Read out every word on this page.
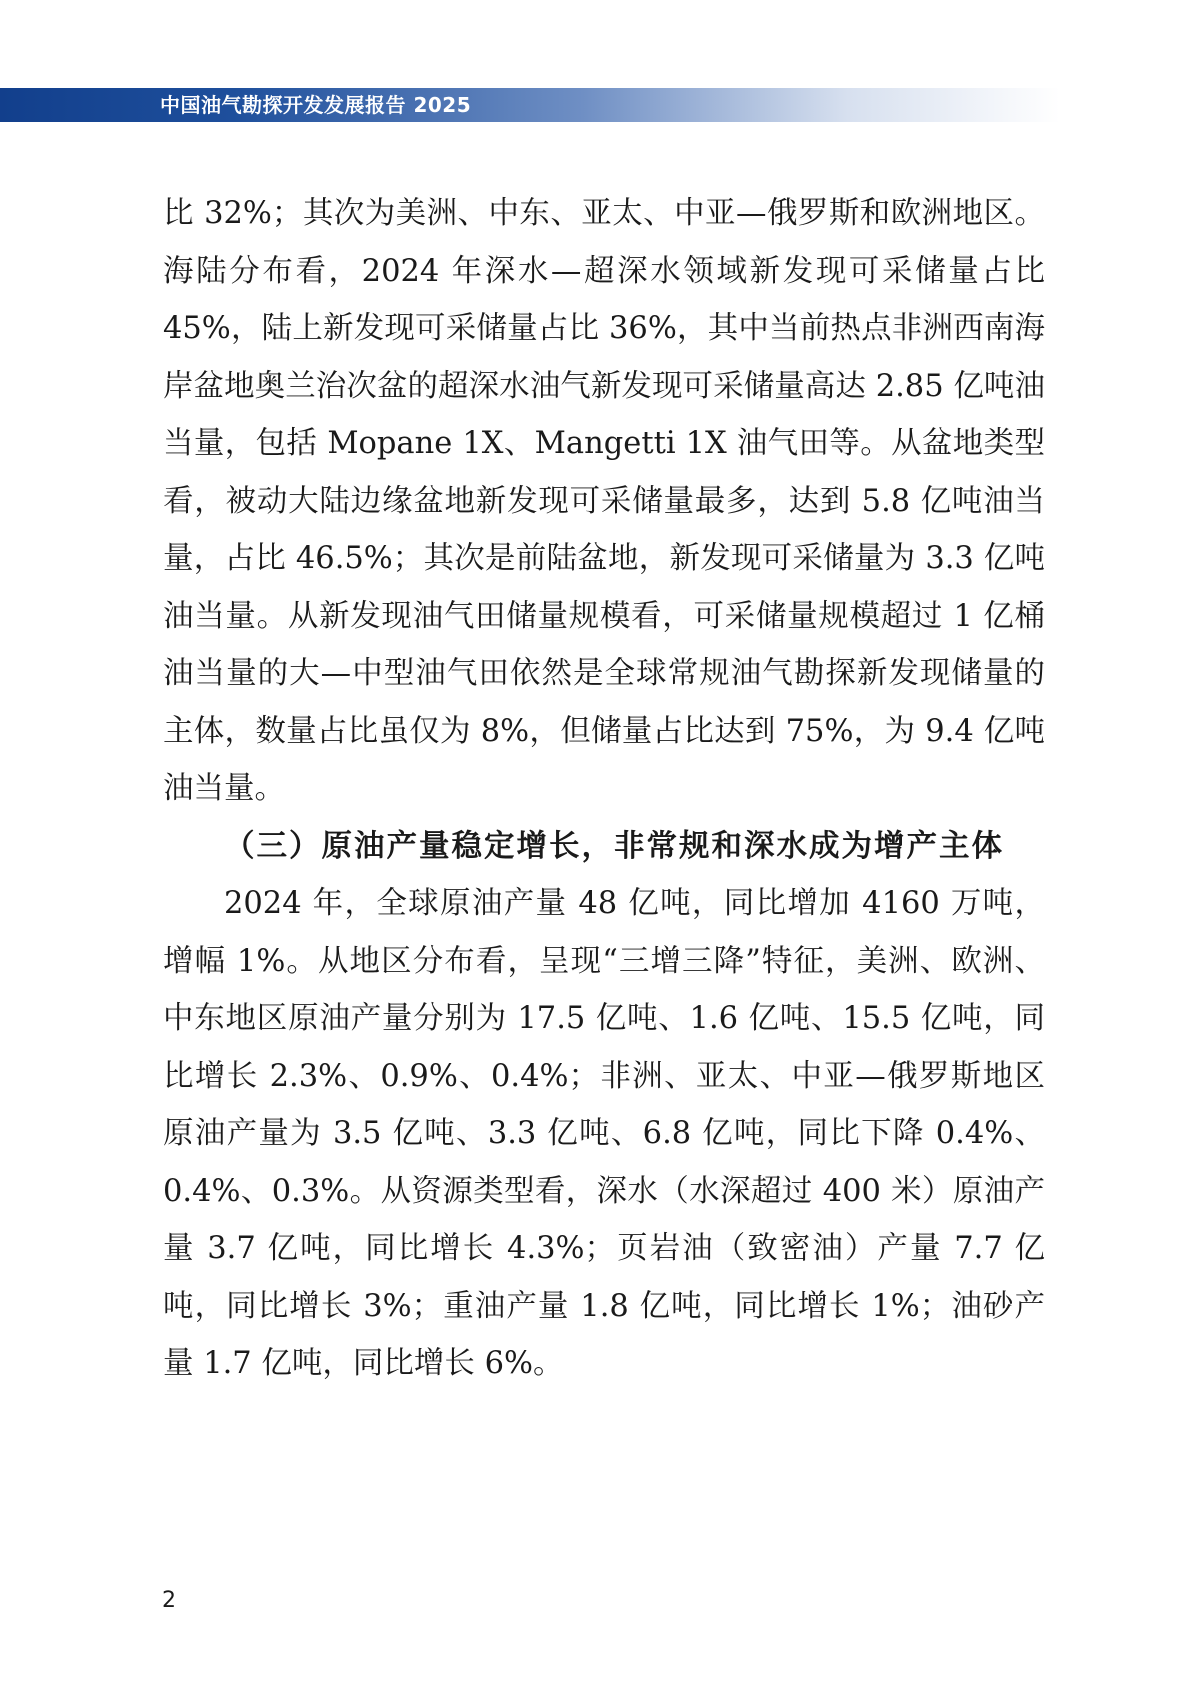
中国油气勘探开发发展报告 2025

比 32%；其次为美洲、中东、亚太、中亚—俄罗斯和欧洲地区。海陆分布看，2024 年深水—超深水领域新发现可采储量占比 45%，陆上新发现可采储量占比 36%，其中当前热点非洲西南海岸盆地奥兰治次盆的超深水油气新发现可采储量高达 2.85 亿吨油当量，包括 Mopane 1X、Mangetti 1X 油气田等。从盆地类型看，被动大陆边缘盆地新发现可采储量最多，达到 5.8 亿吨油当量，占比 46.5%；其次是前陆盆地，新发现可采储量为 3.3 亿吨油当量。从新发现油气田储量规模看，可采储量规模超过 1 亿桶油当量的大—中型油气田依然是全球常规油气勘探新发现储量的主体，数量占比虽仅为 8%，但储量占比达到 75%，为 9.4 亿吨油当量。

（三）原油产量稳定增长，非常规和深水成为增产主体

2024 年，全球原油产量 48 亿吨，同比增加 4160 万吨，增幅 1%。从地区分布看，呈现“三增三降”特征，美洲、欧洲、中东地区原油产量分别为 17.5 亿吨、1.6 亿吨、15.5 亿吨，同比增长 2.3%、0.9%、0.4%；非洲、亚太、中亚—俄罗斯地区原油产量为 3.5 亿吨、3.3 亿吨、6.8 亿吨，同比下降 0.4%、0.4%、0.3%。从资源类型看，深水（水深超过 400 米）原油产量 3.7 亿吨，同比增长 4.3%；页岩油（致密油）产量 7.7 亿吨，同比增长 3%；重油产量 1.8 亿吨，同比增长 1%；油砂产量 1.7 亿吨，同比增长 6%。

2
